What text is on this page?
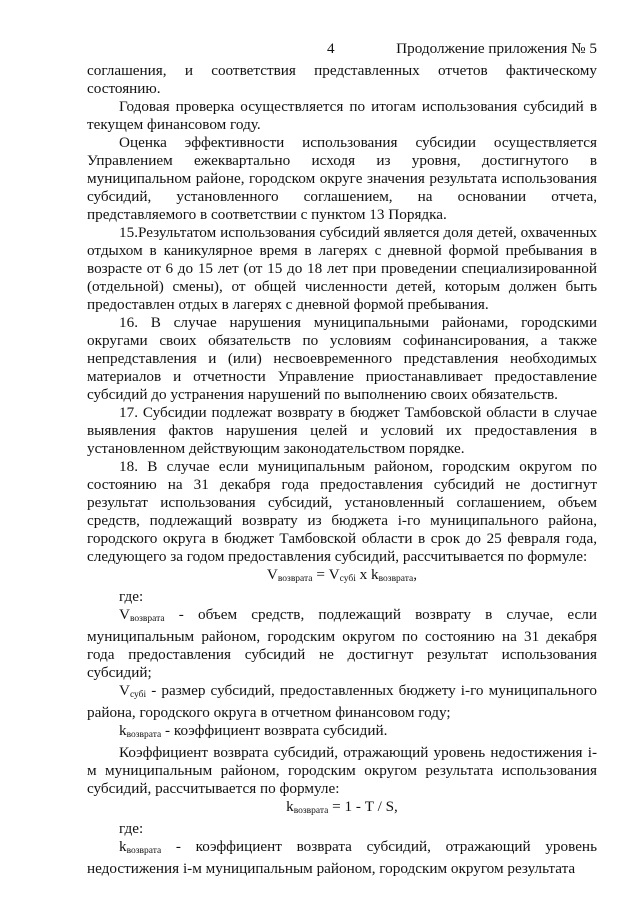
4	Продолжение приложения № 5

соглашения, и соответствия представленных отчетов фактическому состоянию.

Годовая проверка осуществляется по итогам использования субсидий в текущем финансовом году.

Оценка эффективности использования субсидии осуществляется Управлением ежеквартально исходя из уровня, достигнутого в муниципальном районе, городском округе значения результата использования субсидий, установленного соглашением, на основании отчета, представляемого в соответствии с пунктом 13 Порядка.

15.Результатом использования субсидий является доля детей, охваченных отдыхом в каникулярное время в лагерях с дневной формой пребывания в возрасте от 6 до 15 лет (от 15 до 18 лет при проведении специализированной (отдельной) смены), от общей численности детей, которым должен быть предоставлен отдых в лагерях с дневной формой пребывания.

16. В случае нарушения муниципальными районами, городскими округами своих обязательств по условиям софинансирования, а также непредставления и (или) несвоевременного представления необходимых материалов и отчетности Управление приостанавливает предоставление субсидий до устранения нарушений по выполнению своих обязательств.

17. Субсидии подлежат возврату в бюджет Тамбовской области в случае выявления фактов нарушения целей и условий их предоставления в установленном действующим законодательством порядке.

18. В случае если муниципальным районом, городским округом по состоянию на 31 декабря года предоставления субсидий не достигнут результат использования субсидий, установленный соглашением, объем средств, подлежащий возврату из бюджета i-го муниципального района, городского округа в бюджет Тамбовской области в срок до 25 февраля года, следующего за годом предоставления субсидий, рассчитывается по формуле:

$V_{возврата} = V_{субi}$ х $k_{возврата}$,

где:

$V_{возврата}$ - объем средств, подлежащий возврату в случае, если муниципальным районом, городским округом по состоянию на 31 декабря года предоставления субсидий не достигнут результат использования субсидий;

$V_{субi}$ - размер субсидий, предоставленных бюджету i-го муниципального района, городского округа в отчетном финансовом году;

$k_{возврата}$ - коэффициент возврата субсидий.

Коэффициент возврата субсидий, отражающий уровень недостижения i-м муниципальным районом, городским округом результата использования субсидий, рассчитывается по формуле:

$k_{возврата} = 1 - T / S$,

где:

$k_{возврата}$ - коэффициент возврата субсидий, отражающий уровень недостижения i-м муниципальным районом, городским округом результата
